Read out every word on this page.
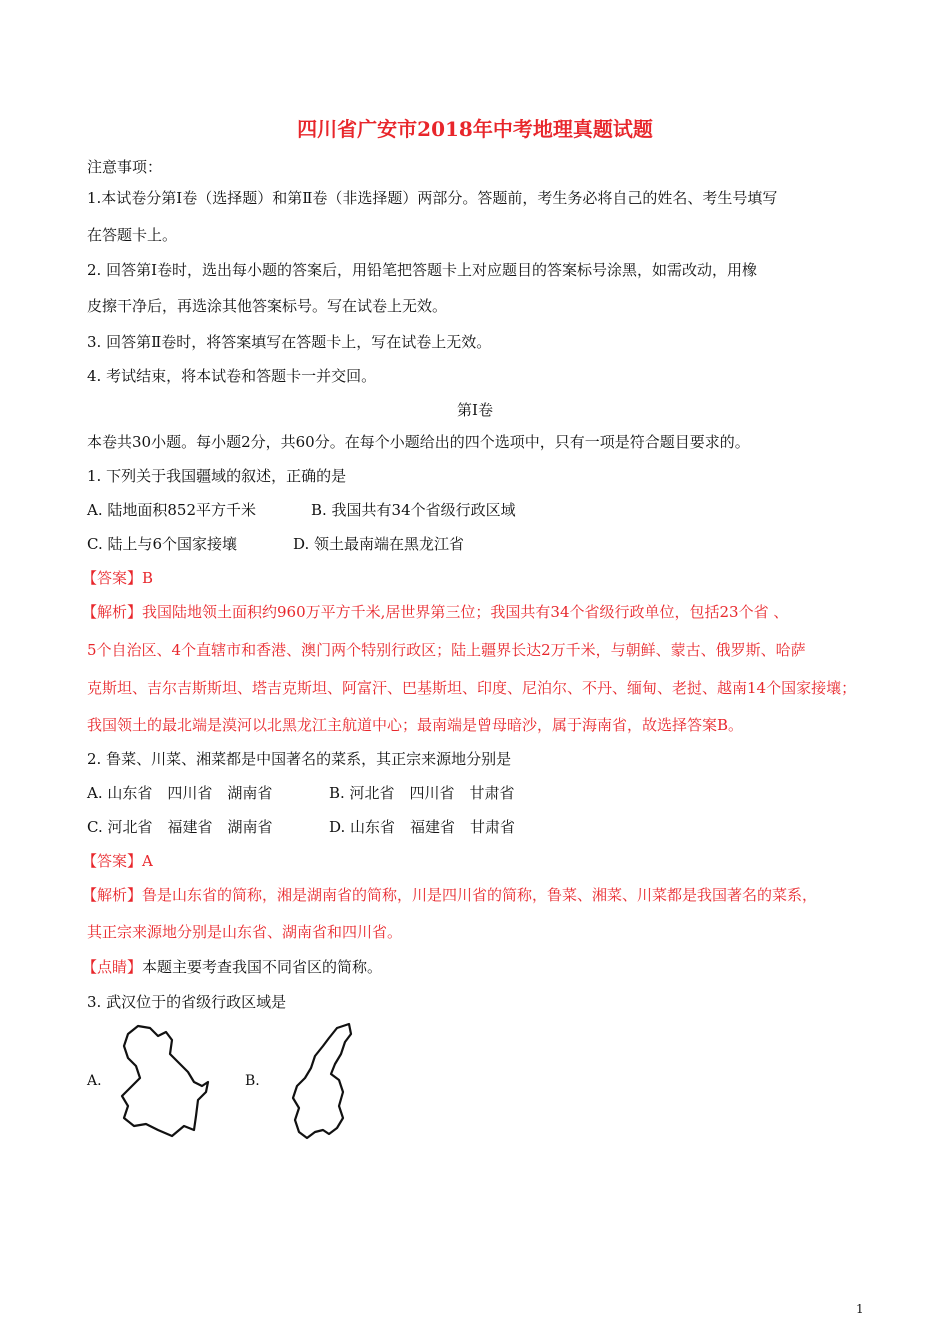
四川省广安市2018年中考地理真题试题
注意事项：
1.本试卷分第Ⅰ卷（选择题）和第Ⅱ卷（非选择题）两部分。答题前，考生务必将自己的姓名、考生号填写
在答题卡上。
2. 回答第Ⅰ卷时，选出每小题的答案后，用铅笔把答题卡上对应题目的答案标号涂黑，如需改动，用橡
皮擦干净后，再选涂其他答案标号。写在试卷上无效。
3. 回答第Ⅱ卷时，将答案填写在答题卡上，写在试卷上无效。
4. 考试结束，将本试卷和答题卡一并交回。
第Ⅰ卷
本卷共30小题。每小题2分，共60分。在每个小题给出的四个选项中，只有一项是符合题目要求的。
1. 下列关于我国疆域的叙述，正确的是
A. 陆地面积852平方千米	B. 我国共有34个省级行政区域
C. 陆上与6个国家接壤	D. 领土最南端在黑龙江省
【答案】B
【解析】我国陆地领土面积约960万平方千米,居世界第三位；我国共有34个省级行政单位，包括23个省 、
5个自治区、4个直辖市和香港、澳门两个特别行政区；陆上疆界长达2万千米，与朝鲜、蒙古、俄罗斯、哈萨
克斯坦、吉尔吉斯斯坦、塔吉克斯坦、阿富汗、巴基斯坦、印度、尼泊尔、不丹、缅甸、老挝、越南14个国家接壤；
我国领土的最北端是漠河以北黑龙江主航道中心；最南端是曾母暗沙，属于海南省，故选择答案B。
2. 鲁菜、川菜、湘菜都是中国著名的菜系，其正宗来源地分别是
A. 山东省　四川省　湖南省	B. 河北省　四川省　甘肃省
C. 河北省　福建省　湖南省	D. 山东省　福建省　甘肃省
【答案】A
【解析】鲁是山东省的简称，湘是湖南省的简称，川是四川省的简称，鲁菜、湘菜、川菜都是我国著名的菜系，
其正宗来源地分别是山东省、湖南省和四川省。
【点睛】本题主要考查我国不同省区的简称。
3. 武汉位于的省级行政区域是
A.	B.
1
